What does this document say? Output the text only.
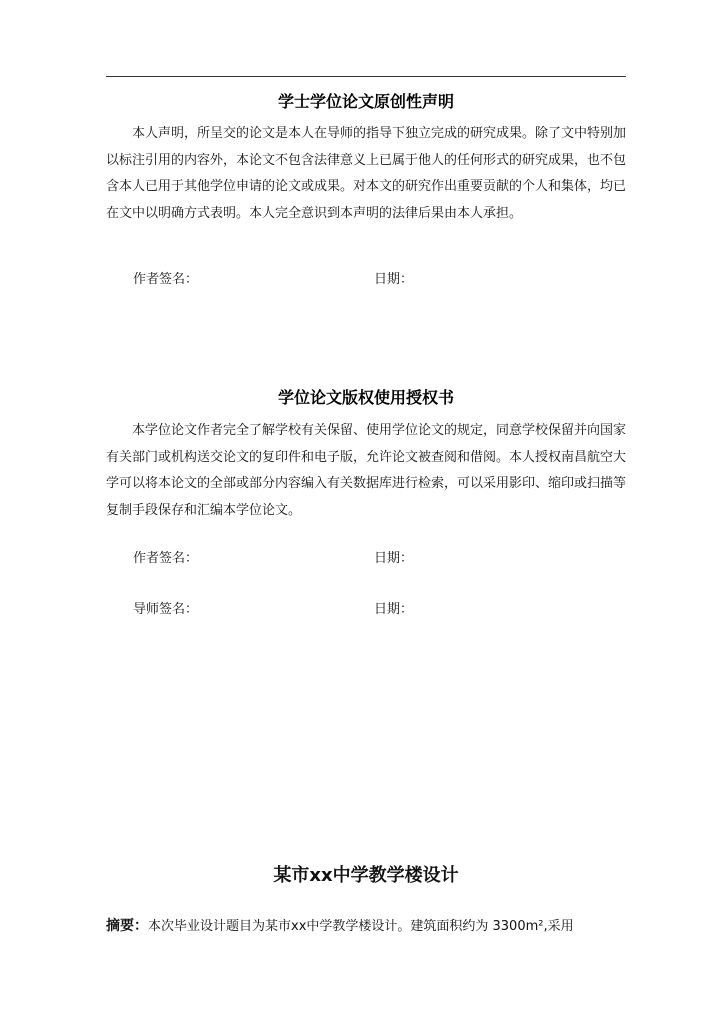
学士学位论文原创性声明
本人声明，所呈交的论文是本人在导师的指导下独立完成的研究成果。除了文中特别加以标注引用的内容外，本论文不包含法律意义上已属于他人的任何形式的研究成果，也不包含本人已用于其他学位申请的论文或成果。对本文的研究作出重要贡献的个人和集体，均已在文中以明确方式表明。本人完全意识到本声明的法律后果由本人承担。
作者签名：	日期：
学位论文版权使用授权书
本学位论文作者完全了解学校有关保留、使用学位论文的规定，同意学校保留并向国家有关部门或机构送交论文的复印件和电子版，允许论文被查阅和借阅。本人授权南昌航空大学可以将本论文的全部或部分内容编入有关数据库进行检索，可以采用影印、缩印或扫描等复制手段保存和汇编本学位论文。
作者签名：	日期：
导师签名：	日期：
某市xx中学教学楼设计
摘要：本次毕业设计题目为某市xx中学教学楼设计。建筑面积约为 3300m²,采用
